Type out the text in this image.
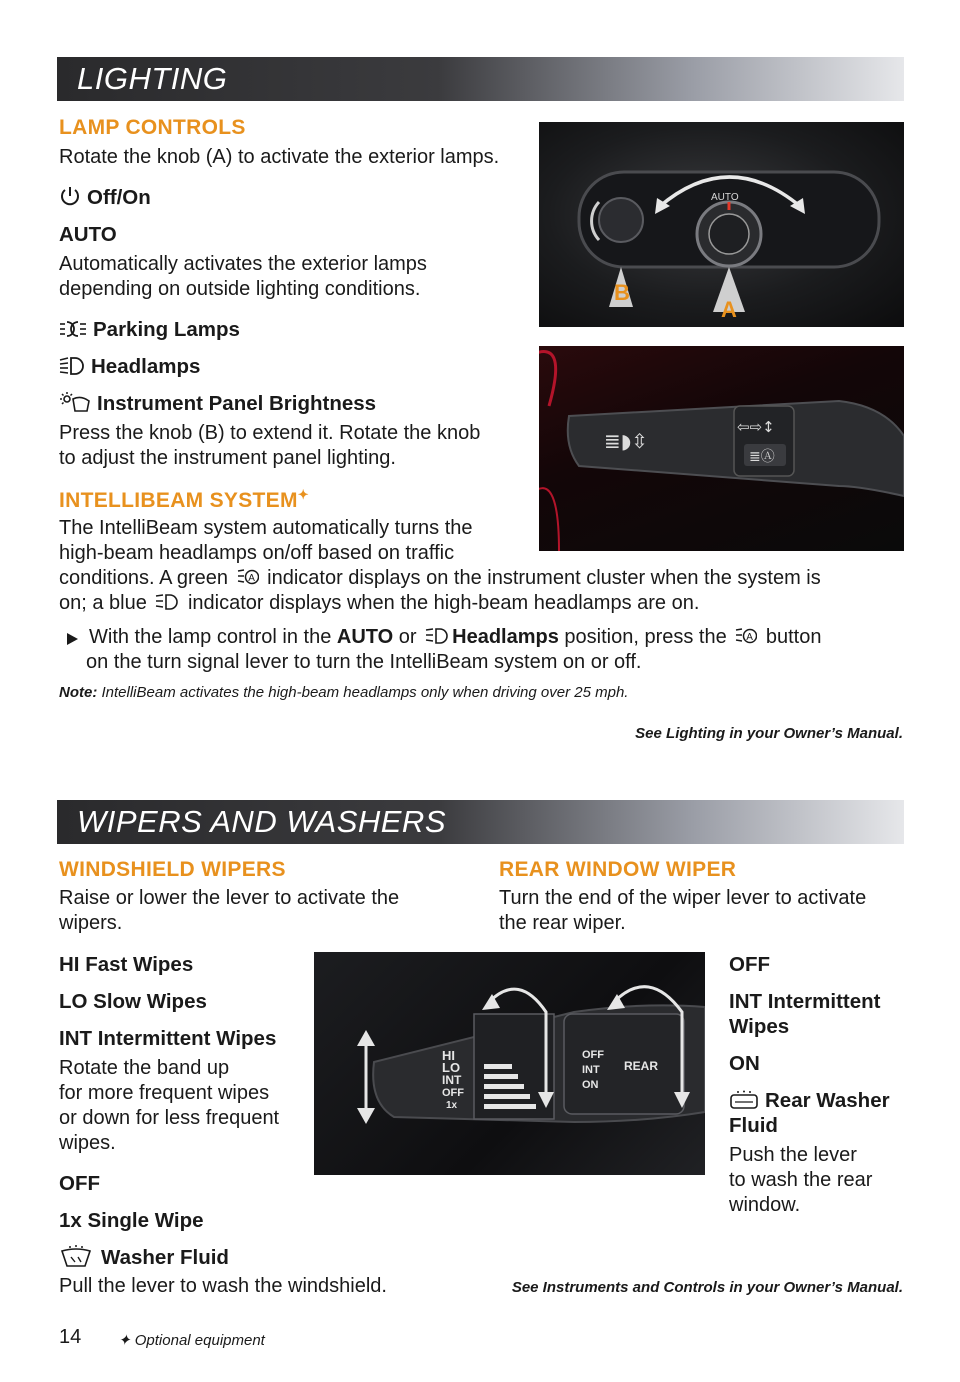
LIGHTING
LAMP CONTROLS
Rotate the knob (A) to activate the exterior lamps.
Off/On
AUTO
Automatically activates the exterior lamps
depending on outside lighting conditions.
Parking Lamps
Headlamps
Instrument Panel Brightness
Press the knob (B) to extend it. Rotate the knob
to adjust the instrument panel lighting.
AUTO
B
A
≣◗⇳
⇦⇨↕
≣Ⓐ
INTELLIBEAM SYSTEM✦
The IntelliBeam system automatically turns the
high-beam headlamps on/off based on traffic
conditions. A green A indicator displays on the instrument cluster when the system is
on; a blue indicator displays when the high-beam headlamps are on.
With the lamp control in the AUTO or Headlamps position, press the A button
on the turn signal lever to turn the IntelliBeam system on or off.
Note: IntelliBeam activates the high-beam headlamps only when driving over 25 mph.
See Lighting in your Owner’s Manual.
WIPERS AND WASHERS
WINDSHIELD WIPERS
Raise or lower the lever to activate the
wipers.
REAR WINDOW WIPER
Turn the end of the wiper lever to activate
the rear wiper.
HI Fast Wipes
LO Slow Wipes
INT Intermittent Wipes
Rotate the band up
for more frequent wipes
or down for less frequent
wipes.
OFF
1x Single Wipe
Washer Fluid
Pull the lever to wash the windshield.
HI
LO
INT
OFF
1x
OFF
INT
ON
REAR
OFF
INT Intermittent
Wipes
ON
Rear Washer
Fluid
Push the lever
to wash the rear
window.
See Instruments and Controls in your Owner’s Manual.
14 ✦ Optional equipment
